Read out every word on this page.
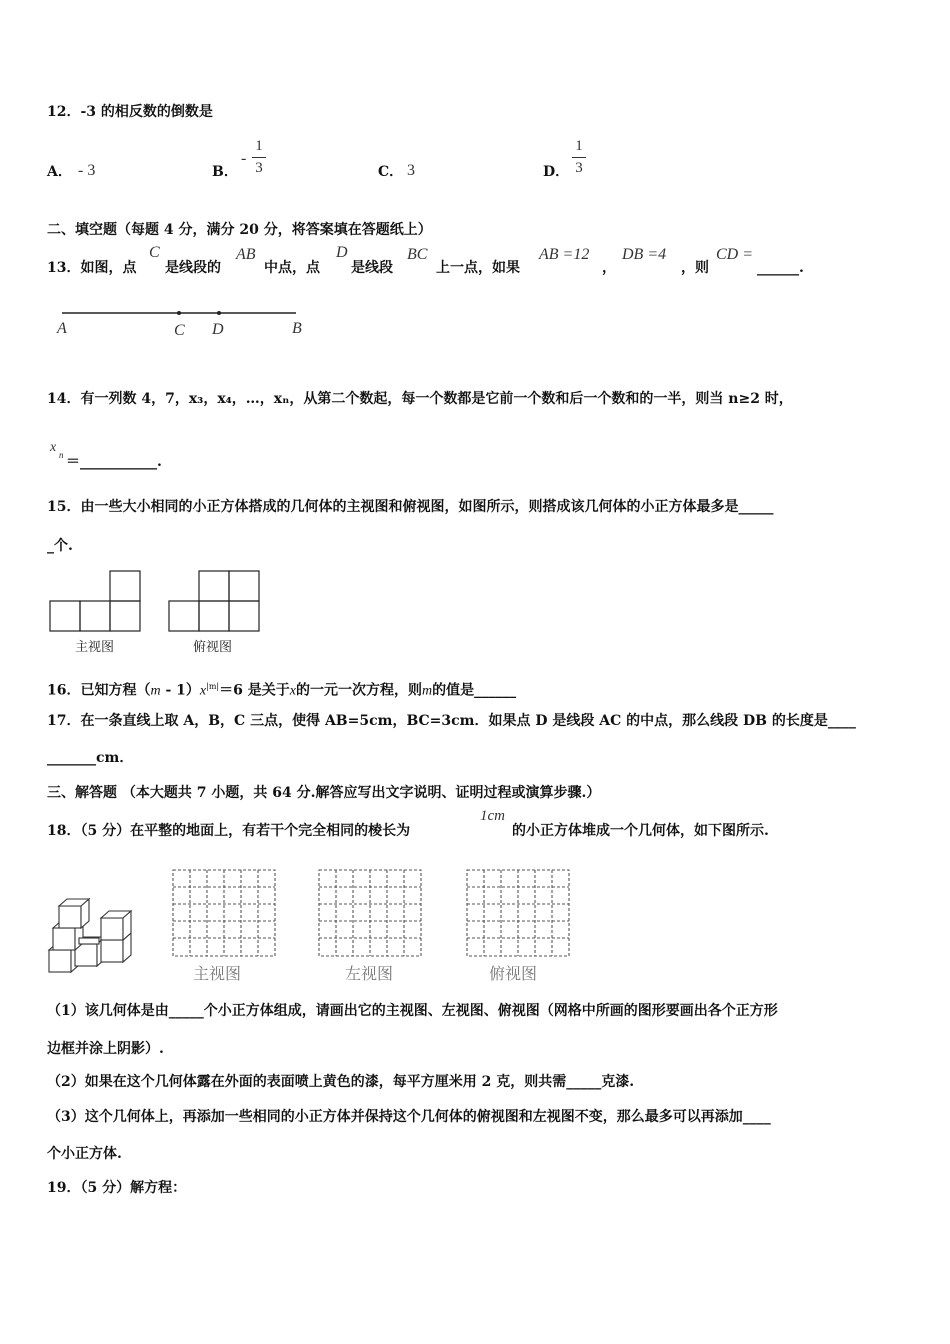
12．-3 的相反数的倒数是
A． - 3	B．
-
1
3	C． 3	D．
1
3
二、填空题（每题 4 分，满分 20 分，将答案填在答题纸上）
13．如图，点
C
是线段的
AB
中点，点
D
是线段
BC
上一点，如果
AB =12
，
DB =4
，则
CD =
______.
A	C D	B
14．有一列数 4，7，x₃，x₄，…，xₙ，从第二个数起，每一个数都是它前一个数和后一个数和的一半，则当 n≥2 时，
x n ＝___________.
15．由一些大小相同的小正方体搭成的几何体的主视图和俯视图，如图所示，则搭成该几何体的小正方体最多是_____
_个.
主视图	俯视图
16．已知方程$(m - 1)x^{|m|}=6$ 是关于x的一元一次方程，则m的值是______
17．在一条直线上取 A，B，C 三点，使得 AB=5cm，BC=3cm．如果点 D 是线段 AC 的中点，那么线段 DB 的长度是____
_______cm．
三、解答题 （本大题共 7 小题，共 64 分.解答应写出文字说明、证明过程或演算步骤.）
18．（5 分）在平整的地面上，有若干个完全相同的棱长为
1cm
的小正方体堆成一个几何体，如下图所示.
主视图	左视图	俯视图
（1）该几何体是由_____个小正方体组成，请画出它的主视图、左视图、俯视图（网格中所画的图形要画出各个正方形
边框并涂上阴影）.
（2）如果在这个几何体露在外面的表面喷上黄色的漆，每平方厘米用 2 克，则共需_____克漆.
（3）这个几何体上，再添加一些相同的小正方体并保持这个几何体的俯视图和左视图不变，那么最多可以再添加____
个小正方体.
19．（5 分）解方程：
